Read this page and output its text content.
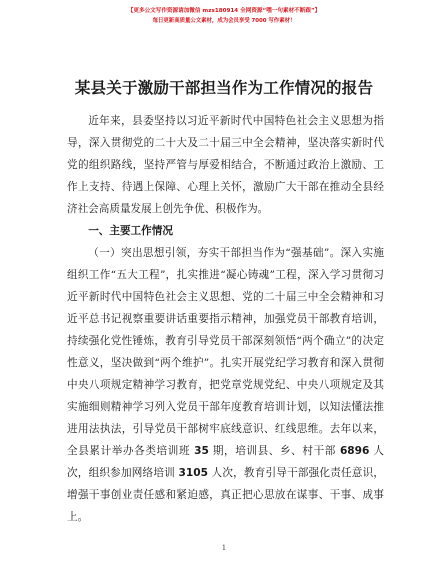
【更多公文写作资源请加微信 mzs180914 全网资源“嘿一句素材不断跟”】
每日更新高质量公文素材，成为会员享受 7000 写作素材！
某县关于激励干部担当作为工作情况的报告

近年来，县委坚持以习近平新时代中国特色社会主义思想为指导，深入贯彻党的二十大及二十届三中全会精神，坚决落实新时代党的组织路线，坚持严管与厚爱相结合，不断通过政治上激励、工作上支持、待遇上保障、心理上关怀，激励广大干部在推动全县经济社会高质量发展上创先争优、积极作为。

一、主要工作情况

（一）突出思想引领，夯实干部担当作为“强基础”。深入实施组织工作“五大工程”，扎实推进“凝心铸魂”工程，深入学习贯彻习近平新时代中国特色社会主义思想、党的二十届三中全会精神和习近平总书记视察重要讲话重要指示精神，加强党员干部教育培训，持续强化党性锤炼，教育引导党员干部深刻领悟“两个确立”的决定性意义，坚决做到“两个维护”。扎实开展党纪学习教育和深入贯彻中央八项规定精神学习教育，把党章党规党纪、中央八项规定及其实施细则精神学习列入党员干部年度教育培训计划，以知法懂法推进用法执法，引导党员干部树牢底线意识、红线思维。去年以来，全县累计举办各类培训班 35 期，培训县、乡、村干部 6896 人次，组织参加网络培训 3105 人次，教育引导干部强化责任意识，增强干事创业责任感和紧迫感，真正把心思放在谋事、干事、成事上。

1
